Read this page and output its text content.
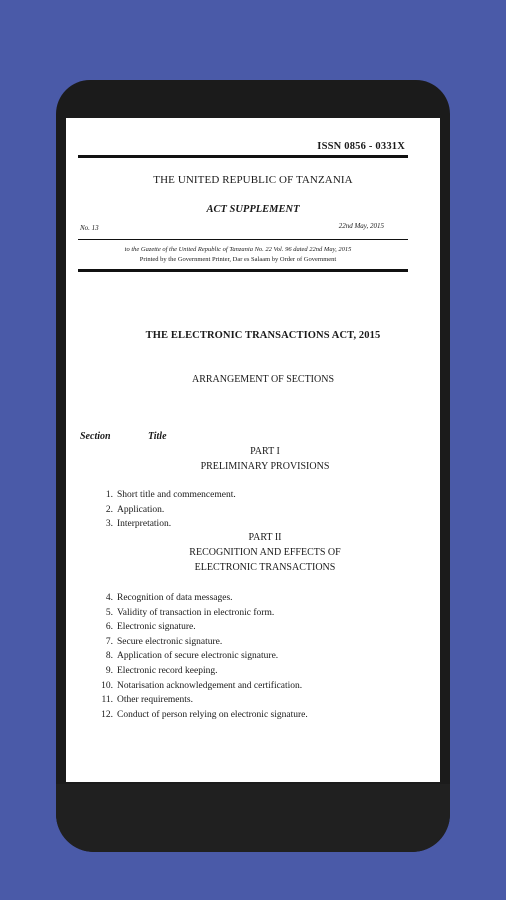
ISSN 0856 - 0331X
THE UNITED REPUBLIC OF TANZANIA
ACT SUPPLEMENT
No. 13	22nd May, 2015
to the Gazette of the United Republic of Tanzania No. 22 Vol. 96 dated 22nd May, 2015
Printed by the Government Printer, Dar es Salaam by Order of Government
THE ELECTRONIC TRANSACTIONS ACT, 2015
ARRANGEMENT OF SECTIONS
Section	Title
PART I
PRELIMINARY PROVISIONS
1. Short title and commencement.
2. Application.
3. Interpretation.
PART II
RECOGNITION AND EFFECTS OF
ELECTRONIC TRANSACTIONS
4. Recognition of data messages.
5. Validity of transaction in electronic form.
6. Electronic signature.
7. Secure electronic signature.
8. Application of secure electronic signature.
9. Electronic record keeping.
10. Notarisation acknowledgement and certification.
11. Other requirements.
12. Conduct of person relying on electronic signature.
